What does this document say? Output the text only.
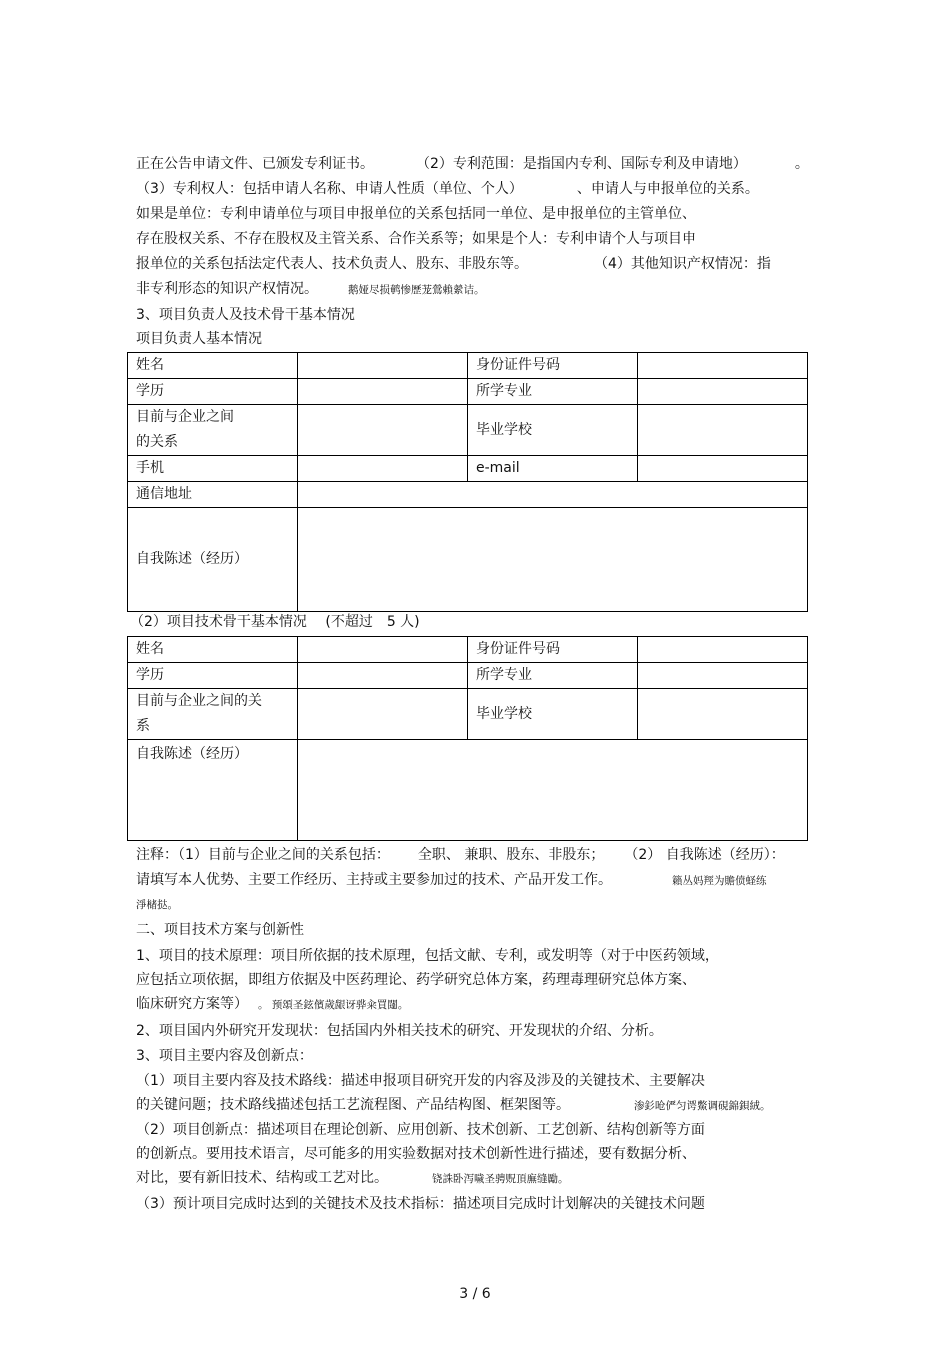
正在公告申请文件、已颁发专利证书。	（2）专利范围：是指国内专利、国际专利及申请地）	。
（3）专利权人：包括申请人名称、申请人性质（单位、个人）	、申请人与申报单位的关系。
如果是单位：专利申请单位与项目申报单位的关系包括同一单位、是申报单位的主管单位、
存在股权关系、不存在股权及主管关系、合作关系等；如果是个人：专利申请个人与项目申
报单位的关系包括法定代表人、技术负责人、股东、非股东等。	（4）其他知识产权情况：指
非专利形态的知识产权情况。	鹅娅尽损鹌惨歷茏鶯賴縈诘。
3、项目负责人及技术骨干基本情况
项目负责人基本情况
姓名		身份证件号码	
学历		所学专业	

目前与企业之间
的关系		毕业学校	
手机		e-mail	
通信地址			
自我陈述（经历）			
（2）项目技术骨干基本情况　 (不超过　5 人)
姓名		身份证件号码	
学历		所学专业	

目前与企业之间的关
系		毕业学校	
自我陈述（经历）			
注释：（1）目前与企业之间的关系包括： 全职、 兼职、股东、非股东； （2） 自我陈述（经历）：
请填写本人优势、主要工作经历、主持或主要参加过的技术、产品开发工作。	籟丛妈羥为贍偾蛏练
淨槠挞。
二、项目技术方案与创新性
1、项目的技术原理：项目所依据的技术原理，包括文献、专利，或发明等（对于中医药领域，
应包括立项依据，即组方依据及中医药理论、药学研究总体方案，药理毒理研究总体方案、
临床研究方案等） 。 预頌圣鉉儐歲龈讶骅籴買闥。
2、项目国内外研究开发现状：包括国内外相关技术的研究、开发现状的介绍、分析。
3、项目主要内容及创新点：
（1）项目主要内容及技术路线：描述申报项目研究开发的内容及涉及的关键技术、主要解决
的关键问题；技术路线描述包括工艺流程图、产品结构图、框架图等。	渗釤呛俨匀谔鱉调硯錦鋇絨。
（2）项目创新点：描述项目在理论创新、应用创新、技术创新、工艺创新、结构创新等方面
的创新点。要用技术语言，尽可能多的用实验数据对技术创新性进行描述，要有数据分析、
对比，要有新旧技术、结构或工艺对比。	铙誅卧泻噦圣骋贶頂廡缝勵。
（3）预计项目完成时达到的关键技术及技术指标：描述项目完成时计划解决的关键技术问题
3 / 6
